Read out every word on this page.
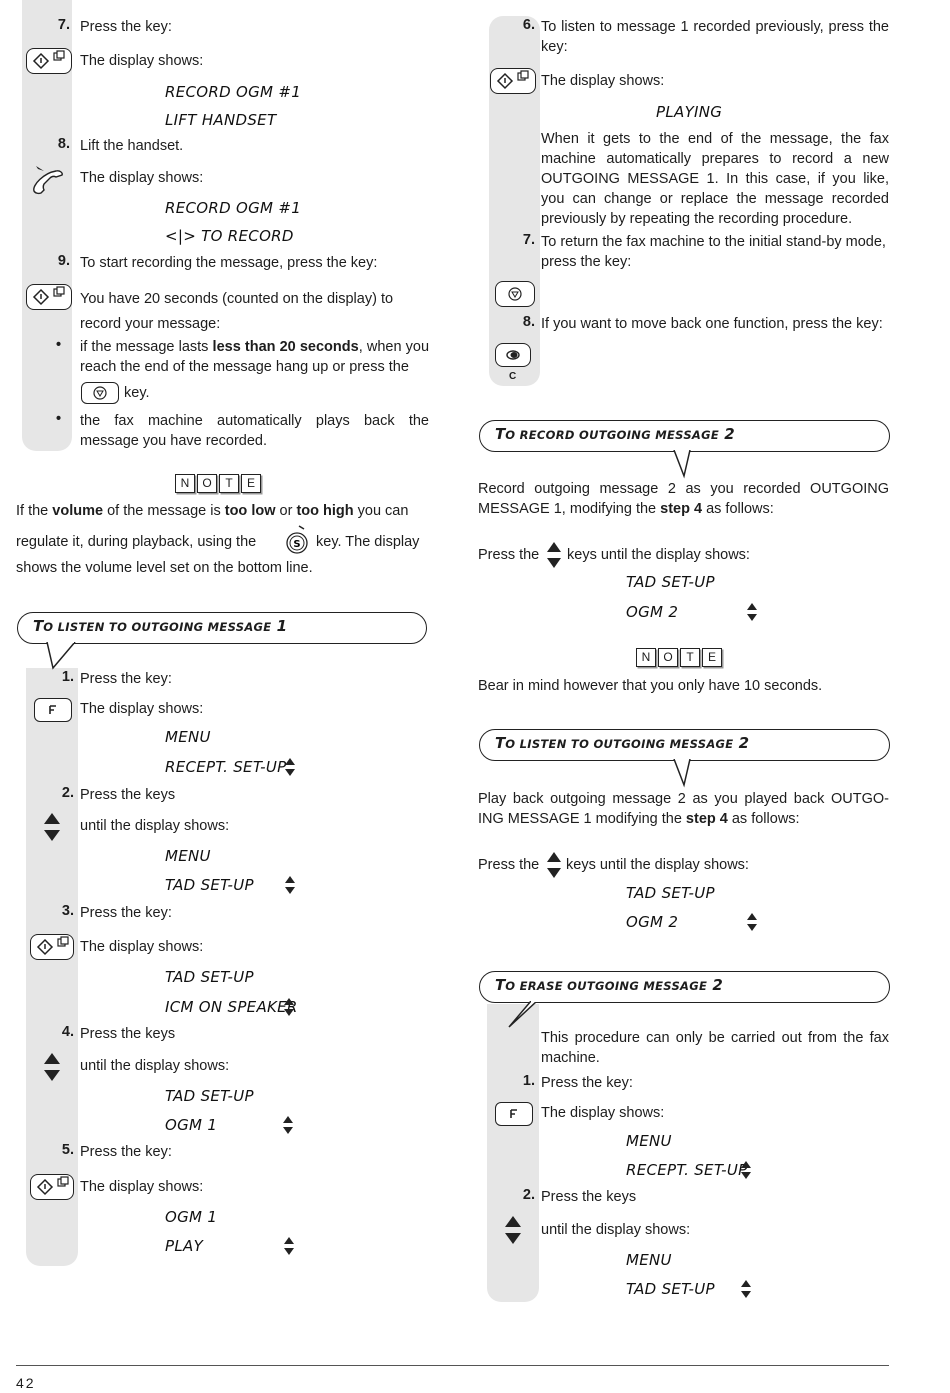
7. Press the key:
The display shows:
RECORD OGM #1
LIFT HANDSET
8. Lift the handset.
The display shows:
RECORD OGM #1
<|> TO RECORD
9. To start recording the message, press the key:
You have 20 seconds (counted on the display) to record your message:
• if the message lasts less than 20 seconds, when you reach the end of the message hang up or press the
key.
• the fax machine automatically plays back the message you have recorded.
N	O	T	E
If the volume of the message is too low or too high you can
regulate it, during playback, using the	S key. The display
shows the volume level set on the bottom line.
TO LISTEN TO OUTGOING MESSAGE 1
1. Press the key:
The display shows:
MENU
RECEPT. SET-UP
2. Press the keys
until the display shows:
MENU
TAD SET-UP
3. Press the key:
The display shows:
TAD SET-UP
ICM ON SPEAKER
4. Press the keys
until the display shows:
TAD SET-UP
OGM 1
5. Press the key:
The display shows:
OGM 1
PLAY
6. To listen to message 1 recorded previously, press the key:
The display shows:
PLAYING
When it gets to the end of the message, the fax machine automatically prepares to record a new OUTGOING MESSAGE 1. In this case, if you like, you can change or replace the message recorded previously by repeating the recording procedure.
7. To return the fax machine to the initial stand-by mode, press the key:
8. If you want to move back one function, press the key:
C
TO RECORD OUTGOING MESSAGE 2
Record outgoing message 2 as you recorded OUTGOING MESSAGE 1, modifying the step 4 as follows:
Press the keys until the display shows:
TAD SET-UP
OGM 2
N	O	T	E
Bear in mind however that you only have 10 seconds.
TO LISTEN TO OUTGOING MESSAGE 2
Play back outgoing message 2 as you played back OUTGO-ING MESSAGE 1 modifying the step 4 as follows:
Press the keys until the display shows:
TAD SET-UP
OGM 2
TO ERASE OUTGOING MESSAGE 2
This procedure can only be carried out from the fax machine.
1. Press the key:
The display shows:
MENU
RECEPT. SET-UP
2. Press the keys
until the display shows:
MENU
TAD SET-UP
42
